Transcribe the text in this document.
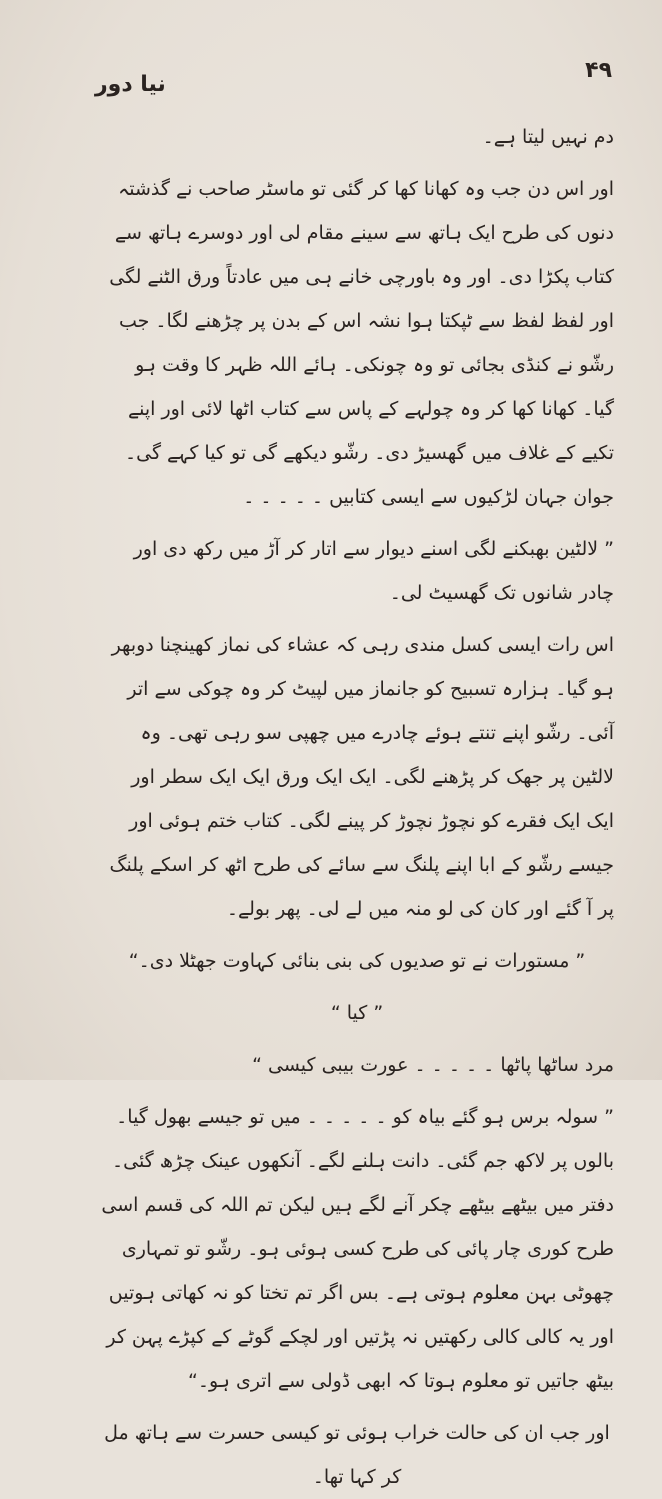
۴۹
نیا دور

دم نہیں لیتا ہے۔

اور اس دن جب وہ کھانا کھا کر گئی تو ماسٹر صاحب نے گذشتہ دنوں کی طرح ایک ہاتھ سے سینے مقام لی اور دوسرے ہاتھ سے کتاب پکڑا دی۔ اور وہ باورچی خانے ہی میں عادتاً ورق الٹنے لگی اور لفظ لفظ سے ٹپکتا ہوا نشہ اس کے بدن پر چڑھنے لگا۔ جب رشّو نے کنڈی بجائی تو وہ چونکی۔ ہائے اللہ ظہر کا وقت ہو گیا۔ کھانا کھا کر وہ چولہے کے پاس سے کتاب اٹھا لائی اور اپنے تکیے کے غلاف میں گھسیڑ دی۔ رشّو دیکھے گی تو کیا کہے گی۔ جوان جہان لڑکیوں سے ایسی کتابیں ۔ ۔ ۔ ۔ ۔

” لالٹین بھبکنے لگی اسنے دیوار سے اتار کر آڑ میں رکھ دی اور چادر شانوں تک گھسیٹ لی۔

اس رات ایسی کسل مندی رہی کہ عشاء کی نماز کھینچنا دوبھر ہو گیا۔ ہزارہ تسبیح کو جانماز میں لپیٹ کر وہ چوکی سے اتر آئی۔ رشّو اپنے تنتے ہوئے چادرے میں چھپی سو رہی تھی۔ وہ لالٹین پر جھک کر پڑھنے لگی۔ ایک ایک ورق ایک ایک سطر اور ایک ایک فقرے کو نچوڑ نچوڑ کر پینے لگی۔ کتاب ختم ہوئی اور جیسے رشّو کے ابا اپنے پلنگ سے سائے کی طرح اٹھ کر اسکے پلنگ پر آ گئے اور کان کی لو منہ میں لے لی۔ پھر بولے۔

” مستورات نے تو صدیوں کی بنی بنائی کہاوت جھٹلا دی۔“

” کیا “

مرد ساٹھا پاٹھا ۔ ۔ ۔ ۔ ۔ عورت بیبی کیسی “

” سولہ برس ہو گئے بیاہ کو ۔ ۔ ۔ ۔ ۔ میں تو جیسے بھول گیا۔ بالوں پر لاکھ جم گئی۔ دانت ہلنے لگے۔ آنکھوں عینک چڑھ گئی۔ دفتر میں بیٹھے بیٹھے چکر آنے لگے ہیں لیکن تم اللہ کی قسم اسی طرح کوری چار پائی کی طرح کسی ہوئی ہو۔ رشّو تو تمہاری چھوٹی بہن معلوم ہوتی ہے۔ بس اگر تم تختا کو نہ کھاتی ہوتیں اور یہ کالی کالی رکھتیں نہ پڑتیں اور لچکے گوٹے کے کپڑے پہن کر بیٹھ جاتیں تو معلوم ہوتا کہ ابھی ڈولی سے اتری ہو۔“

اور جب ان کی حالت خراب ہوئی تو کیسی حسرت سے ہاتھ مل کر کہا تھا۔
